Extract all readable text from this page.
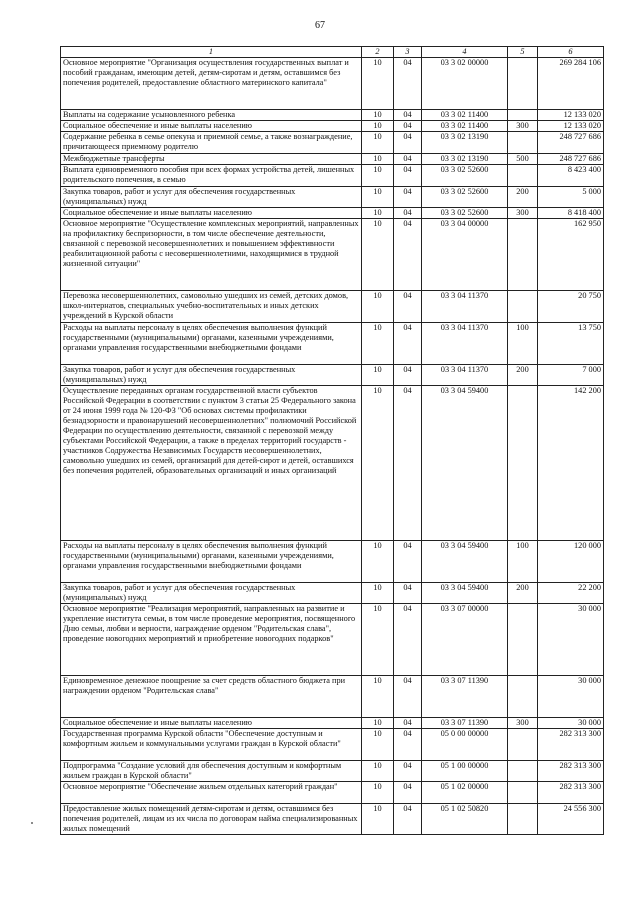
67
1	2	3	4	5	6
Основное мероприятие "Организация осуществления государственных выплат и пособий гражданам, имеющим детей, детям-сиротам и детям, оставшимся без попечения родителей, предоставление областного материнского капитала"	10	04	03 3 02 00000		269 284 106
Выплаты на содержание усыновленного ребенка	10	04	03 3 02 11400		12 133 020
Социальное обеспечение и иные выплаты населению	10	04	03 3 02 11400	300	12 133 020
Содержание ребенка в семье опекуна и приемной семье, а также вознаграждение, причитающееся приемному родителю	10	04	03 3 02 13190		248 727 686
Межбюджетные трансферты	10	04	03 3 02 13190	500	248 727 686
Выплата единовременного пособия при всех формах устройства детей, лишенных родительского попечения, в семью	10	04	03 3 02 52600		8 423 400
Закупка товаров, работ и услуг для обеспечения государственных (муниципальных) нужд	10	04	03 3 02 52600	200	5 000
Социальное обеспечение и иные выплаты населению	10	04	03 3 02 52600	300	8 418 400
Основное мероприятие "Осуществление комплексных мероприятий, направленных на профилактику беспризорности, в том числе обеспечение деятельности, связанной с перевозкой несовершеннолетних и повышением эффективности реабилитационной работы с несовершеннолетними, находящимися в трудной жизненной ситуации"	10	04	03 3 04 00000		162 950
Перевозка несовершеннолетних, самовольно ушедших из семей, детских домов, школ-интернатов, специальных учебно-воспитательных и иных детских учреждений в Курской области	10	04	03 3 04 11370		20 750
Расходы на выплаты персоналу в целях обеспечения выполнения функций государственными (муниципальными) органами, казенными учреждениями, органами управления государственными внебюджетными фондами	10	04	03 3 04 11370	100	13 750
Закупка товаров, работ и услуг для обеспечения государственных (муниципальных) нужд	10	04	03 3 04 11370	200	7 000
Осуществление переданных органам государственной власти субъектов Российской Федерации в соответствии с пунктом 3 статьи 25 Федерального закона от 24 июня 1999 года № 120-ФЗ "Об основах системы профилактики безнадзорности и правонарушений несовершеннолетних" полномочий Российской Федерации по осуществлению деятельности, связанной с перевозкой между субъектами Российской Федерации, а также в пределах территорий государств - участников Содружества Независимых Государств несовершеннолетних, самовольно ушедших из семей, организаций для детей-сирот и детей, оставшихся без попечения родителей, образовательных организаций и иных организаций	10	04	03 3 04 59400		142 200
Расходы на выплаты персоналу в целях обеспечения выполнения функций государственными (муниципальными) органами, казенными учреждениями, органами управления государственными внебюджетными фондами	10	04	03 3 04 59400	100	120 000
Закупка товаров, работ и услуг для обеспечения государственных (муниципальных) нужд	10	04	03 3 04 59400	200	22 200
Основное мероприятие "Реализация мероприятий, направленных на развитие и укрепление института семьи, в том числе проведение мероприятия, посвященного Дню семьи, любви и верности, награждение орденом "Родительская слава", проведение новогодних мероприятий и приобретение новогодних подарков"	10	04	03 3 07 00000		30 000
Единовременное денежное поощрение за счет средств областного бюджета при награждении орденом "Родительская слава"	10	04	03 3 07 11390		30 000
Социальное обеспечение и иные выплаты населению	10	04	03 3 07 11390	300	30 000
Государственная программа Курской области "Обеспечение доступным и комфортным жильем и коммунальными услугами граждан в Курской области"	10	04	05 0 00 00000		282 313 300
Подпрограмма "Создание условий для обеспечения доступным и комфортным жильем граждан в Курской области"	10	04	05 1 00 00000		282 313 300
Основное мероприятие "Обеспечение жильем отдельных категорий граждан"	10	04	05 1 02 00000		282 313 300
Предоставление жилых помещений детям-сиротам и детям, оставшимся без попечения родителей, лицам из их числа по договорам найма специализированных жилых помещений	10	04	05 1 02 50820		24 556 300
